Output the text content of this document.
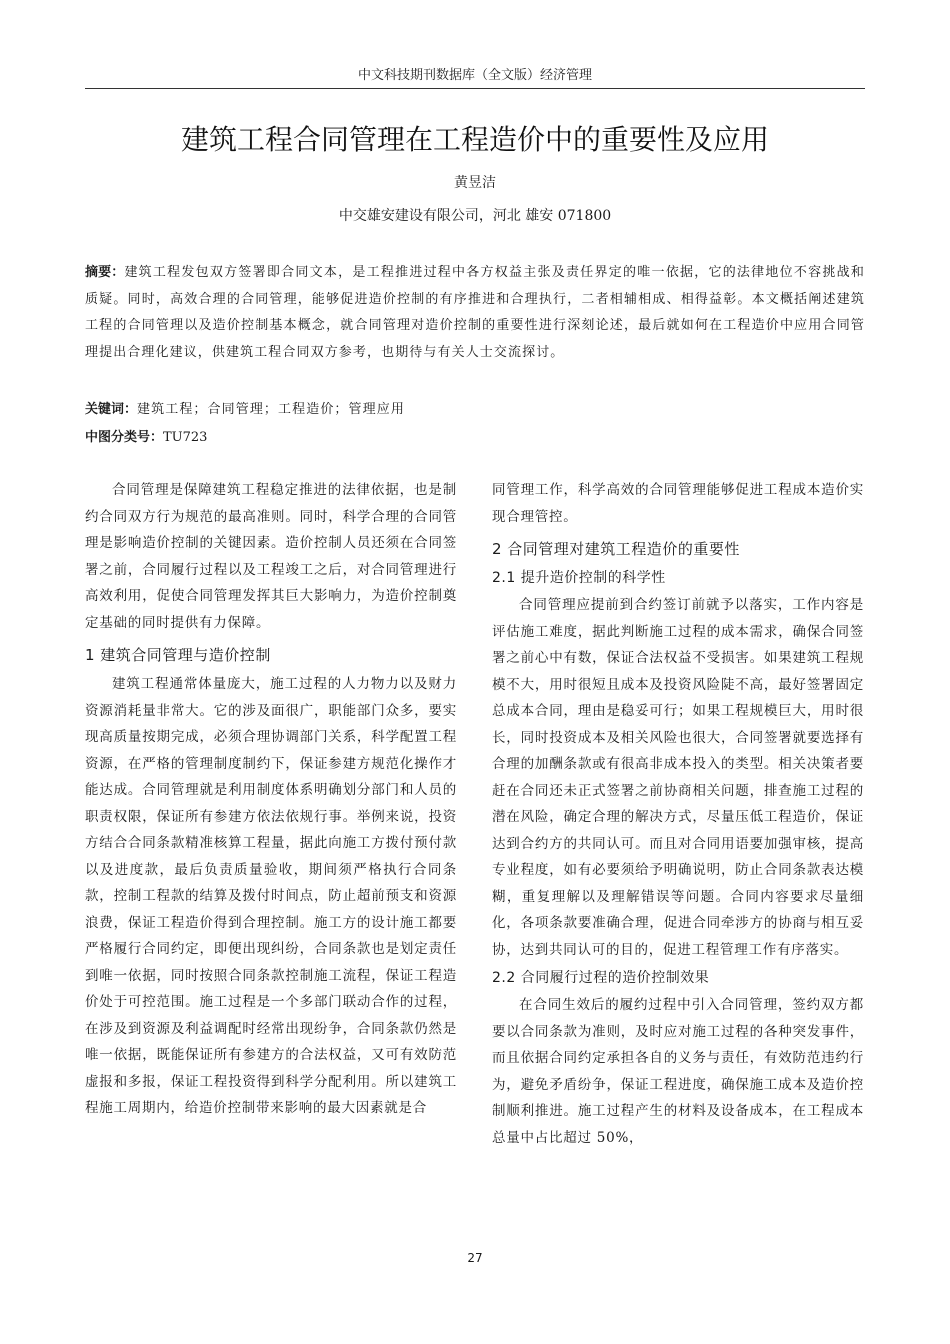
中文科技期刊数据库（全文版）经济管理
建筑工程合同管理在工程造价中的重要性及应用
黄昱洁
中交雄安建设有限公司，河北 雄安 071800
摘要：建筑工程发包双方签署即合同文本，是工程推进过程中各方权益主张及责任界定的唯一依据，它的法律地位不容挑战和质疑。同时，高效合理的合同管理，能够促进造价控制的有序推进和合理执行，二者相辅相成、相得益彰。本文概括阐述建筑工程的合同管理以及造价控制基本概念，就合同管理对造价控制的重要性进行深刻论述，最后就如何在工程造价中应用合同管理提出合理化建议，供建筑工程合同双方参考，也期待与有关人士交流探讨。
关键词：建筑工程；合同管理；工程造价；管理应用
中图分类号：TU723

合同管理是保障建筑工程稳定推进的法律依据，也是制约合同双方行为规范的最高准则。同时，科学合理的合同管理是影响造价控制的关键因素。造价控制人员还须在合同签署之前，合同履行过程以及工程竣工之后，对合同管理进行高效利用，促使合同管理发挥其巨大影响力，为造价控制奠定基础的同时提供有力保障。

1 建筑合同管理与造价控制

建筑工程通常体量庞大，施工过程的人力物力以及财力资源消耗量非常大。它的涉及面很广，职能部门众多，要实现高质量按期完成，必须合理协调部门关系，科学配置工程资源，在严格的管理制度制约下，保证参建方规范化操作才能达成。合同管理就是利用制度体系明确划分部门和人员的职责权限，保证所有参建方依法依规行事。举例来说，投资方结合合同条款精准核算工程量，据此向施工方拨付预付款以及进度款，最后负责质量验收，期间须严格执行合同条款，控制工程款的结算及拨付时间点，防止超前预支和资源浪费，保证工程造价得到合理控制。施工方的设计施工都要严格履行合同约定，即便出现纠纷，合同条款也是划定责任到唯一依据，同时按照合同条款控制施工流程，保证工程造价处于可控范围。施工过程是一个多部门联动合作的过程，在涉及到资源及利益调配时经常出现纷争，合同条款仍然是唯一依据，既能保证所有参建方的合法权益，又可有效防范虚报和多报，保证工程投资得到科学分配利用。所以建筑工程施工周期内，给造价控制带来影响的最大因素就是合

同管理工作，科学高效的合同管理能够促进工程成本造价实现合理管控。

2 合同管理对建筑工程造价的重要性
2.1 提升造价控制的科学性

合同管理应提前到合约签订前就予以落实，工作内容是评估施工难度，据此判断施工过程的成本需求，确保合同签署之前心中有数，保证合法权益不受损害。如果建筑工程规模不大，用时很短且成本及投资风险陡不高，最好签署固定总成本合同，理由是稳妥可行；如果工程规模巨大，用时很长，同时投资成本及相关风险也很大，合同签署就要选择有合理的加酬条款或有很高非成本投入的类型。相关决策者要赶在合同还未正式签署之前协商相关问题，排查施工过程的潜在风险，确定合理的解决方式，尽量压低工程造价，保证达到合约方的共同认可。而且对合同用语要加强审核，提高专业程度，如有必要须给予明确说明，防止合同条款表达模糊，重复理解以及理解错误等问题。合同内容要求尽量细化，各项条款要准确合理，促进合同牵涉方的协商与相互妥协，达到共同认可的目的，促进工程管理工作有序落实。

2.2 合同履行过程的造价控制效果

在合同生效后的履约过程中引入合同管理，签约双方都要以合同条款为准则，及时应对施工过程的各种突发事件，而且依据合同约定承担各自的义务与责任，有效防范违约行为，避免矛盾纷争，保证工程进度，确保施工成本及造价控制顺利推进。施工过程产生的材料及设备成本，在工程成本总量中占比超过 50%，

27
